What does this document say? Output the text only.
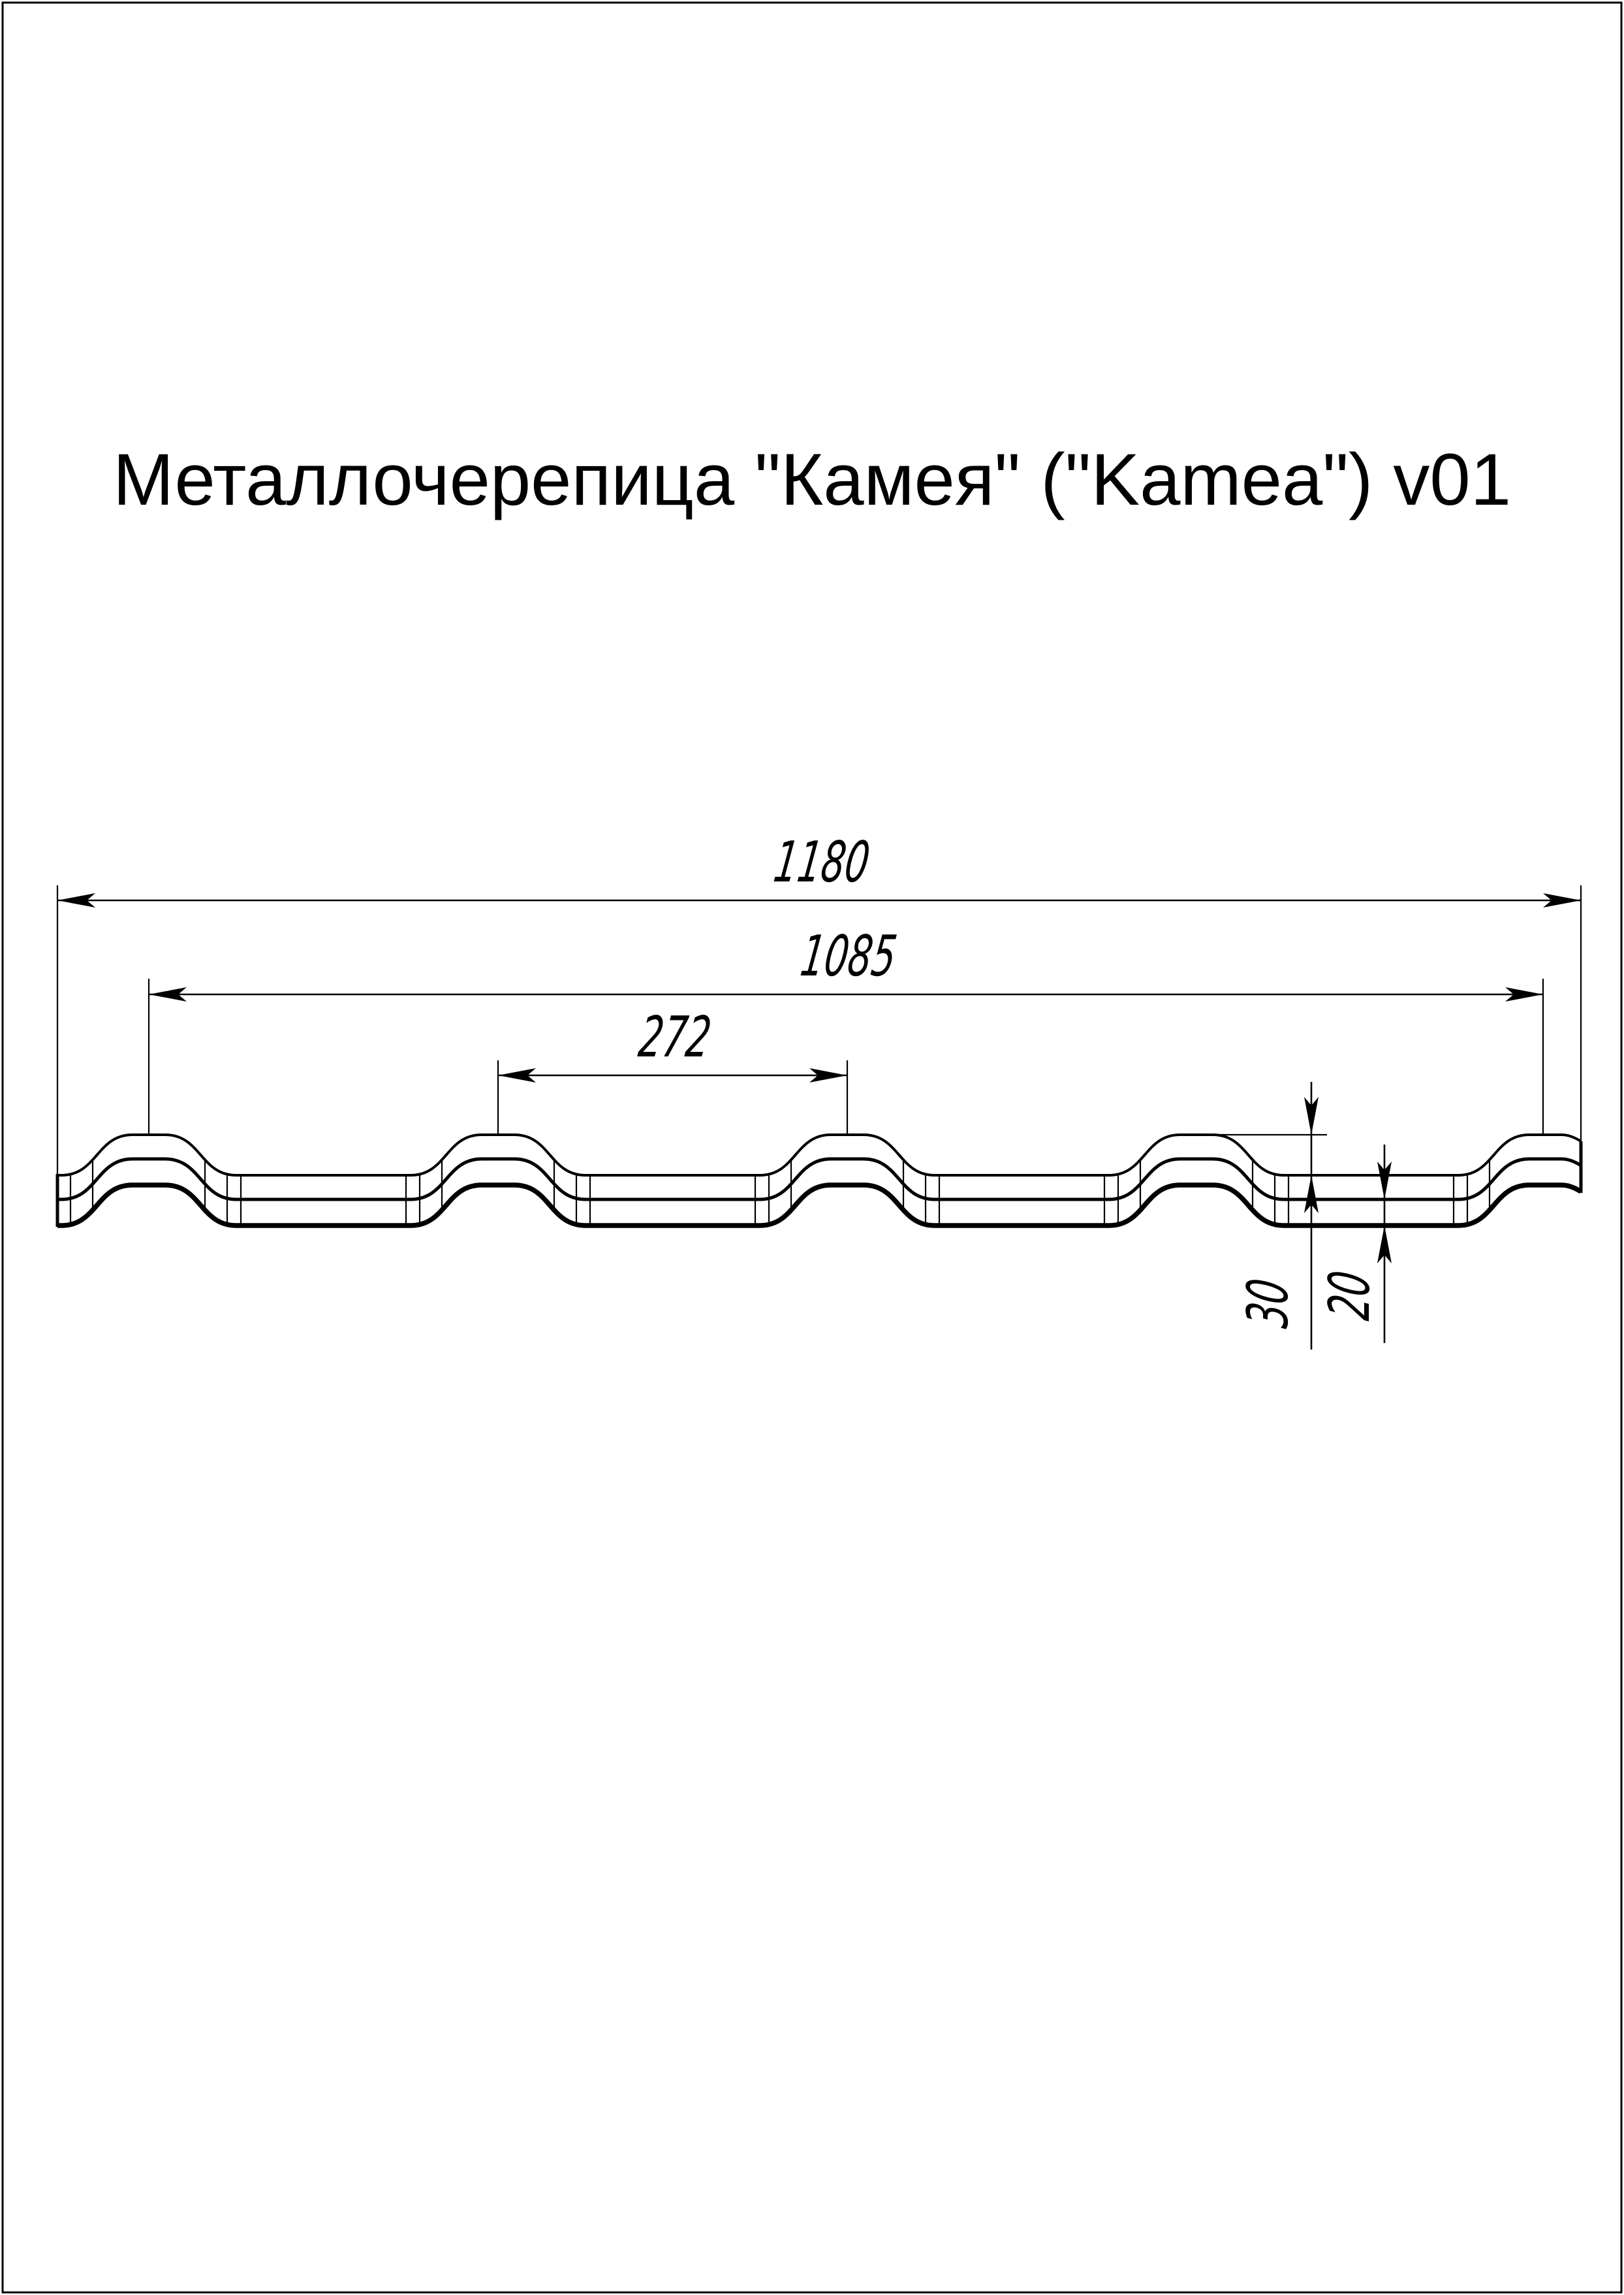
Металлочерепица "Камея" ("Kamea") v01
1180
1085
272
30 20
